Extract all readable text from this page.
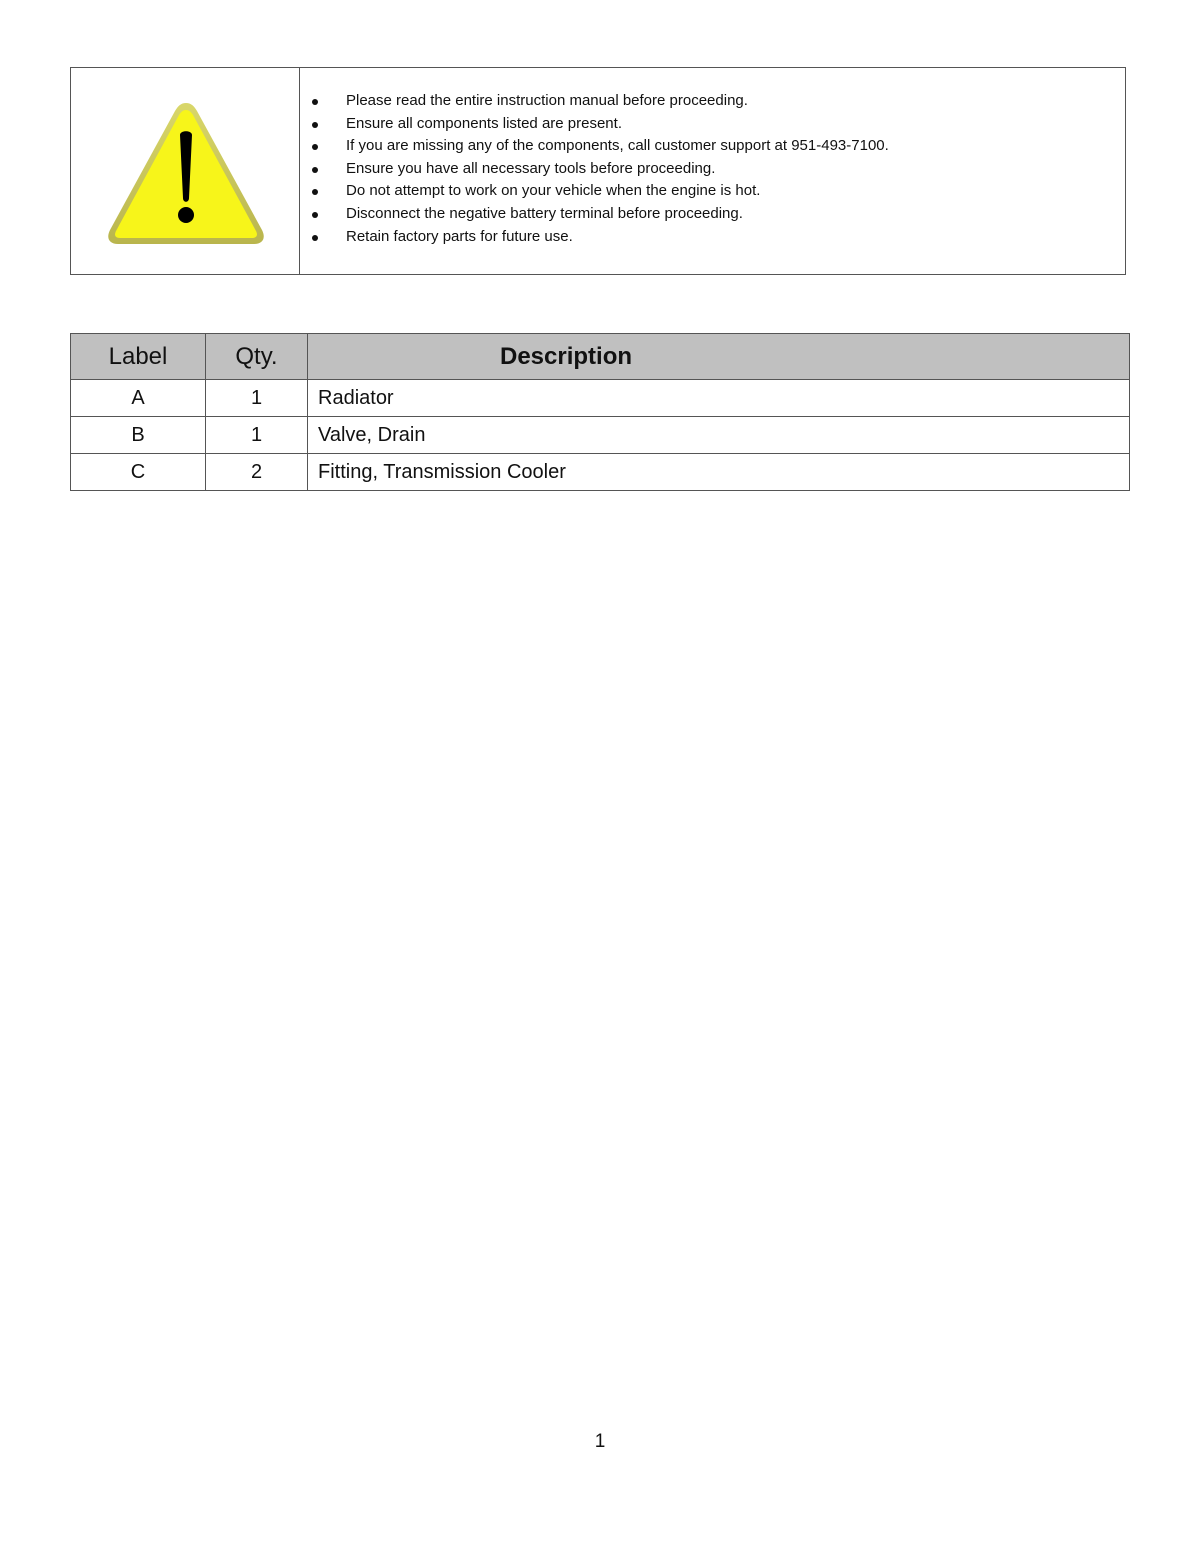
Please read the entire instruction manual before proceeding.
Ensure all components listed are present.
If you are missing any of the components, call customer support at 951-493-7100.
Ensure you have all necessary tools before proceeding.
Do not attempt to work on your vehicle when the engine is hot.
Disconnect the negative battery terminal before proceeding.
Retain factory parts for future use.
Label	Qty.	Description
A	1	Radiator
B	1	Valve, Drain
C	2	Fitting, Transmission Cooler
1
